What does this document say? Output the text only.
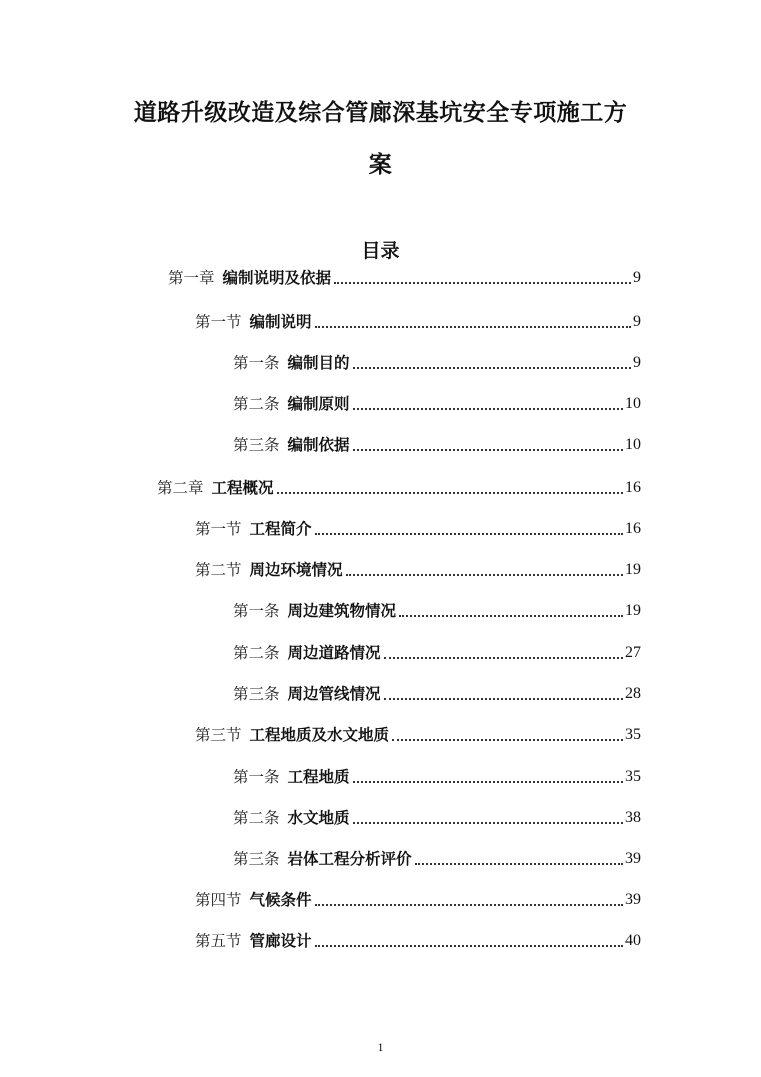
道路升级改造及综合管廊深基坑安全专项施工方
案
目录
第一章 编制说明及依据	9
第一节 编制说明	9
第一条 编制目的	9
第二条 编制原则	10
第三条 编制依据	10
第二章 工程概况	16
第一节 工程简介	16
第二节 周边环境情况	19
第一条 周边建筑物情况	19
第二条 周边道路情况	27
第三条 周边管线情况	28
第三节 工程地质及水文地质	35
第一条 工程地质	35
第二条 水文地质	38
第三条 岩体工程分析评价	39
第四节 气候条件	39
第五节 管廊设计	40
1
